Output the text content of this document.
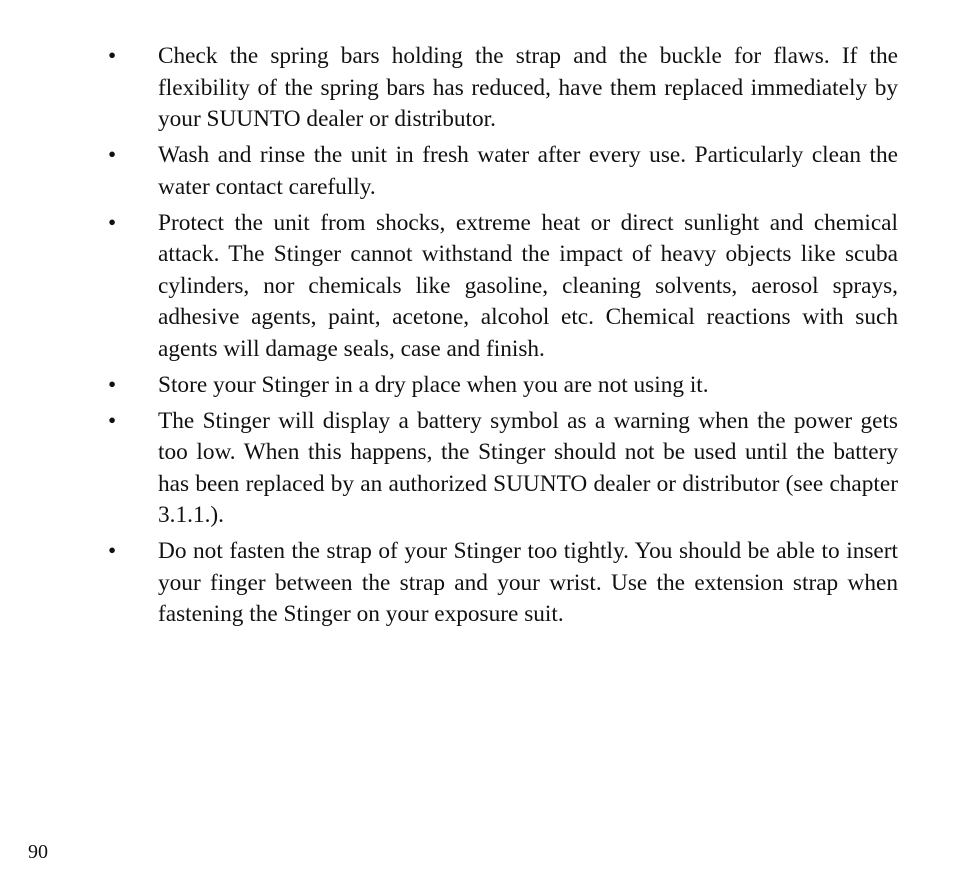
•	Check the spring bars holding the strap and the buckle for flaws. If the flexibility of the spring bars has reduced, have them replaced immediately by your SUUNTO dealer or distributor.
•	Wash and rinse the unit in fresh water after every use. Particularly clean the water contact carefully.
•	Protect the unit from shocks, extreme heat or direct sunlight and chemical attack. The Stinger cannot withstand the impact of heavy objects like scuba cylinders, nor chemicals like gasoline, cleaning solvents, aerosol sprays, adhesive agents, paint, acetone, alcohol etc. Chemical reactions with such agents will damage seals, case and finish.
•	Store your Stinger in a dry place when you are not using it.
•	The Stinger will display a battery symbol as a warning when the power gets too low. When this happens, the Stinger should not be used until the battery has been replaced by an authorized SUUNTO dealer or distributor (see chapter 3.1.1.).
•	Do not fasten the strap of your Stinger too tightly. You should be able to insert your finger between the strap and your wrist. Use the extension strap when fastening the Stinger on your exposure suit.
90
